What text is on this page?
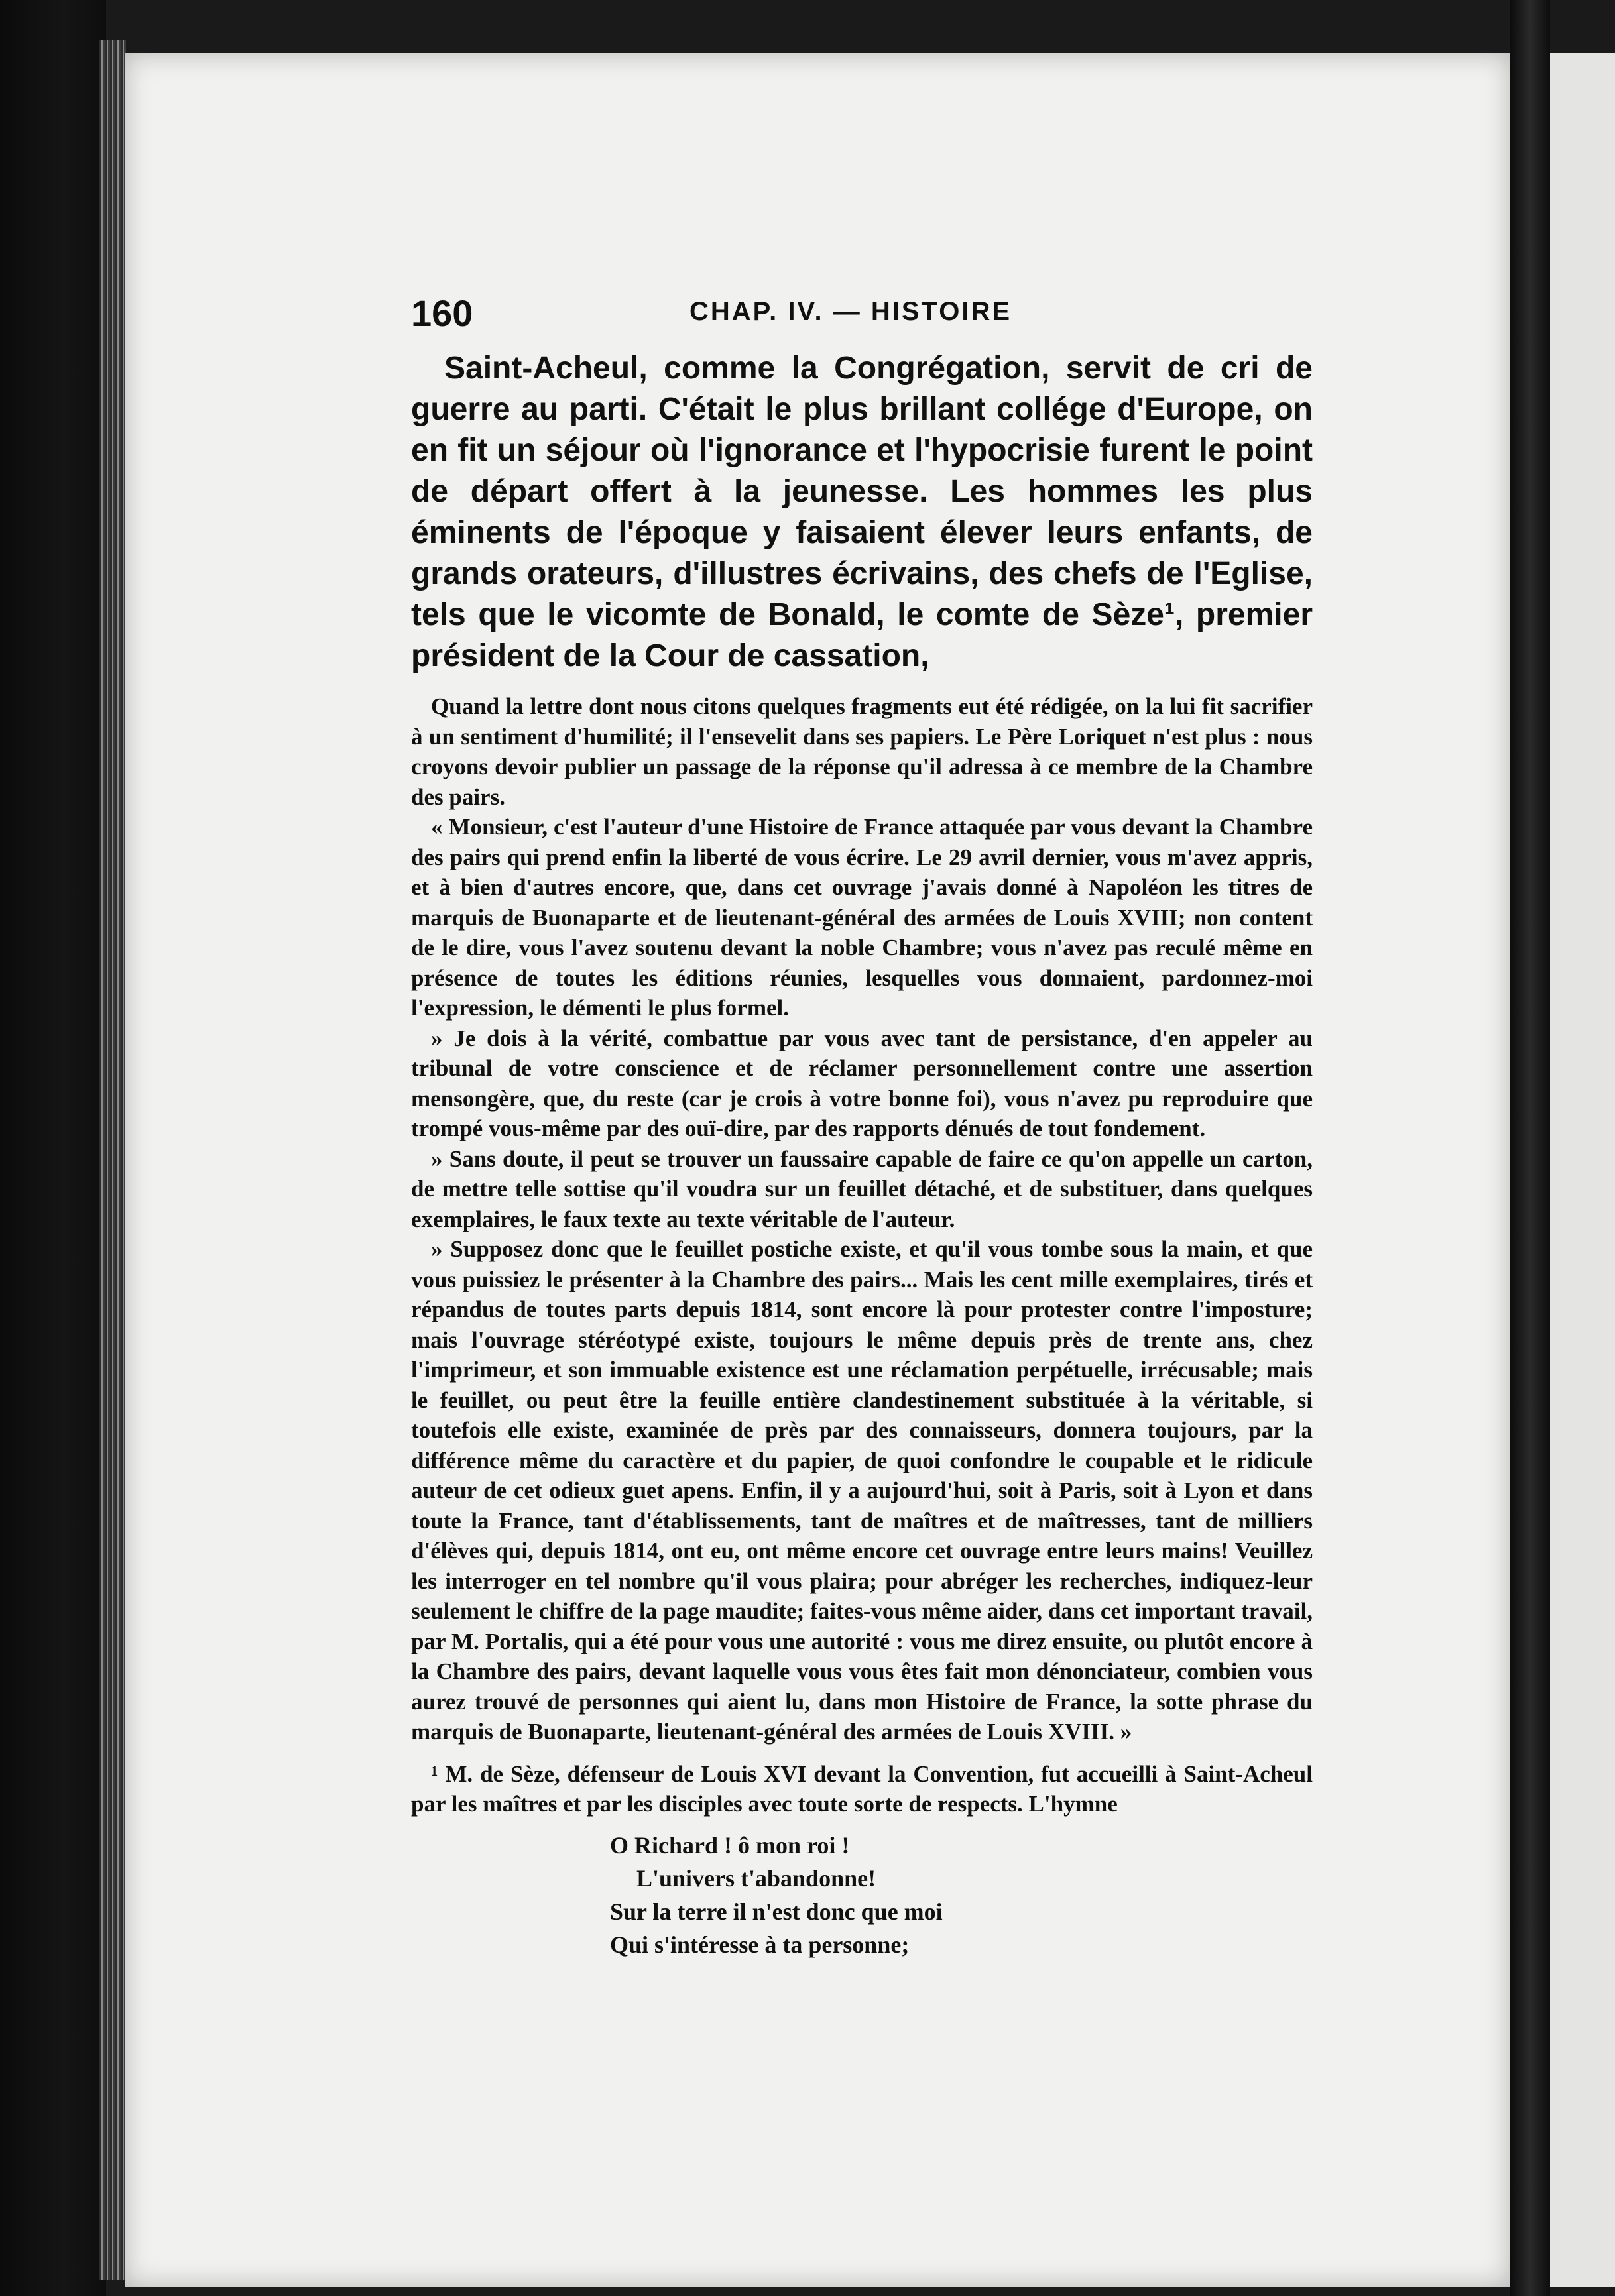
160	CHAP. IV. — HISTOIRE

Saint-Acheul, comme la Congrégation, servit de cri de guerre au parti. C'était le plus brillant collége d'Europe, on en fit un séjour où l'ignorance et l'hypocrisie furent le point de départ offert à la jeunesse. Les hommes les plus éminents de l'époque y faisaient élever leurs enfants, de grands orateurs, d'illustres écrivains, des chefs de l'Eglise, tels que le vicomte de Bonald, le comte de Sèze¹, premier président de la Cour de cassation,

Quand la lettre dont nous citons quelques fragments eut été rédigée, on la lui fit sacrifier à un sentiment d'humilité; il l'ensevelit dans ses papiers. Le Père Loriquet n'est plus : nous croyons devoir publier un passage de la réponse qu'il adressa à ce membre de la Chambre des pairs.

« Monsieur, c'est l'auteur d'une Histoire de France attaquée par vous devant la Chambre des pairs qui prend enfin la liberté de vous écrire. Le 29 avril dernier, vous m'avez appris, et à bien d'autres encore, que, dans cet ouvrage j'avais donné à Napoléon les titres de marquis de Buonaparte et de lieutenant-général des armées de Louis XVIII; non content de le dire, vous l'avez soutenu devant la noble Chambre; vous n'avez pas reculé même en présence de toutes les éditions réunies, lesquelles vous donnaient, pardonnez-moi l'expression, le démenti le plus formel.

» Je dois à la vérité, combattue par vous avec tant de persistance, d'en appeler au tribunal de votre conscience et de réclamer personnellement contre une assertion mensongère, que, du reste (car je crois à votre bonne foi), vous n'avez pu reproduire que trompé vous-même par des ouï-dire, par des rapports dénués de tout fondement.

» Sans doute, il peut se trouver un faussaire capable de faire ce qu'on appelle un carton, de mettre telle sottise qu'il voudra sur un feuillet détaché, et de substituer, dans quelques exemplaires, le faux texte au texte véritable de l'auteur.

» Supposez donc que le feuillet postiche existe, et qu'il vous tombe sous la main, et que vous puissiez le présenter à la Chambre des pairs... Mais les cent mille exemplaires, tirés et répandus de toutes parts depuis 1814, sont encore là pour protester contre l'imposture; mais l'ouvrage stéréotypé existe, toujours le même depuis près de trente ans, chez l'imprimeur, et son immuable existence est une réclamation perpétuelle, irrécusable; mais le feuillet, ou peut être la feuille entière clandestinement substituée à la véritable, si toutefois elle existe, examinée de près par des connaisseurs, donnera toujours, par la différence même du caractère et du papier, de quoi confondre le coupable et le ridicule auteur de cet odieux guet apens. Enfin, il y a aujourd'hui, soit à Paris, soit à Lyon et dans toute la France, tant d'établissements, tant de maîtres et de maîtresses, tant de milliers d'élèves qui, depuis 1814, ont eu, ont même encore cet ouvrage entre leurs mains! Veuillez les interroger en tel nombre qu'il vous plaira; pour abréger les recherches, indiquez-leur seulement le chiffre de la page maudite; faites-vous même aider, dans cet important travail, par M. Portalis, qui a été pour vous une autorité : vous me direz ensuite, ou plutôt encore à la Chambre des pairs, devant laquelle vous vous êtes fait mon dénonciateur, combien vous aurez trouvé de personnes qui aient lu, dans mon Histoire de France, la sotte phrase du marquis de Buonaparte, lieutenant-général des armées de Louis XVIII. »

¹ M. de Sèze, défenseur de Louis XVI devant la Convention, fut accueilli à Saint-Acheul par les maîtres et par les disciples avec toute sorte de respects. L'hymne

O Richard ! ô mon roi !
L'univers t'abandonne!
Sur la terre il n'est donc que moi
Qui s'intéresse à ta personne;
